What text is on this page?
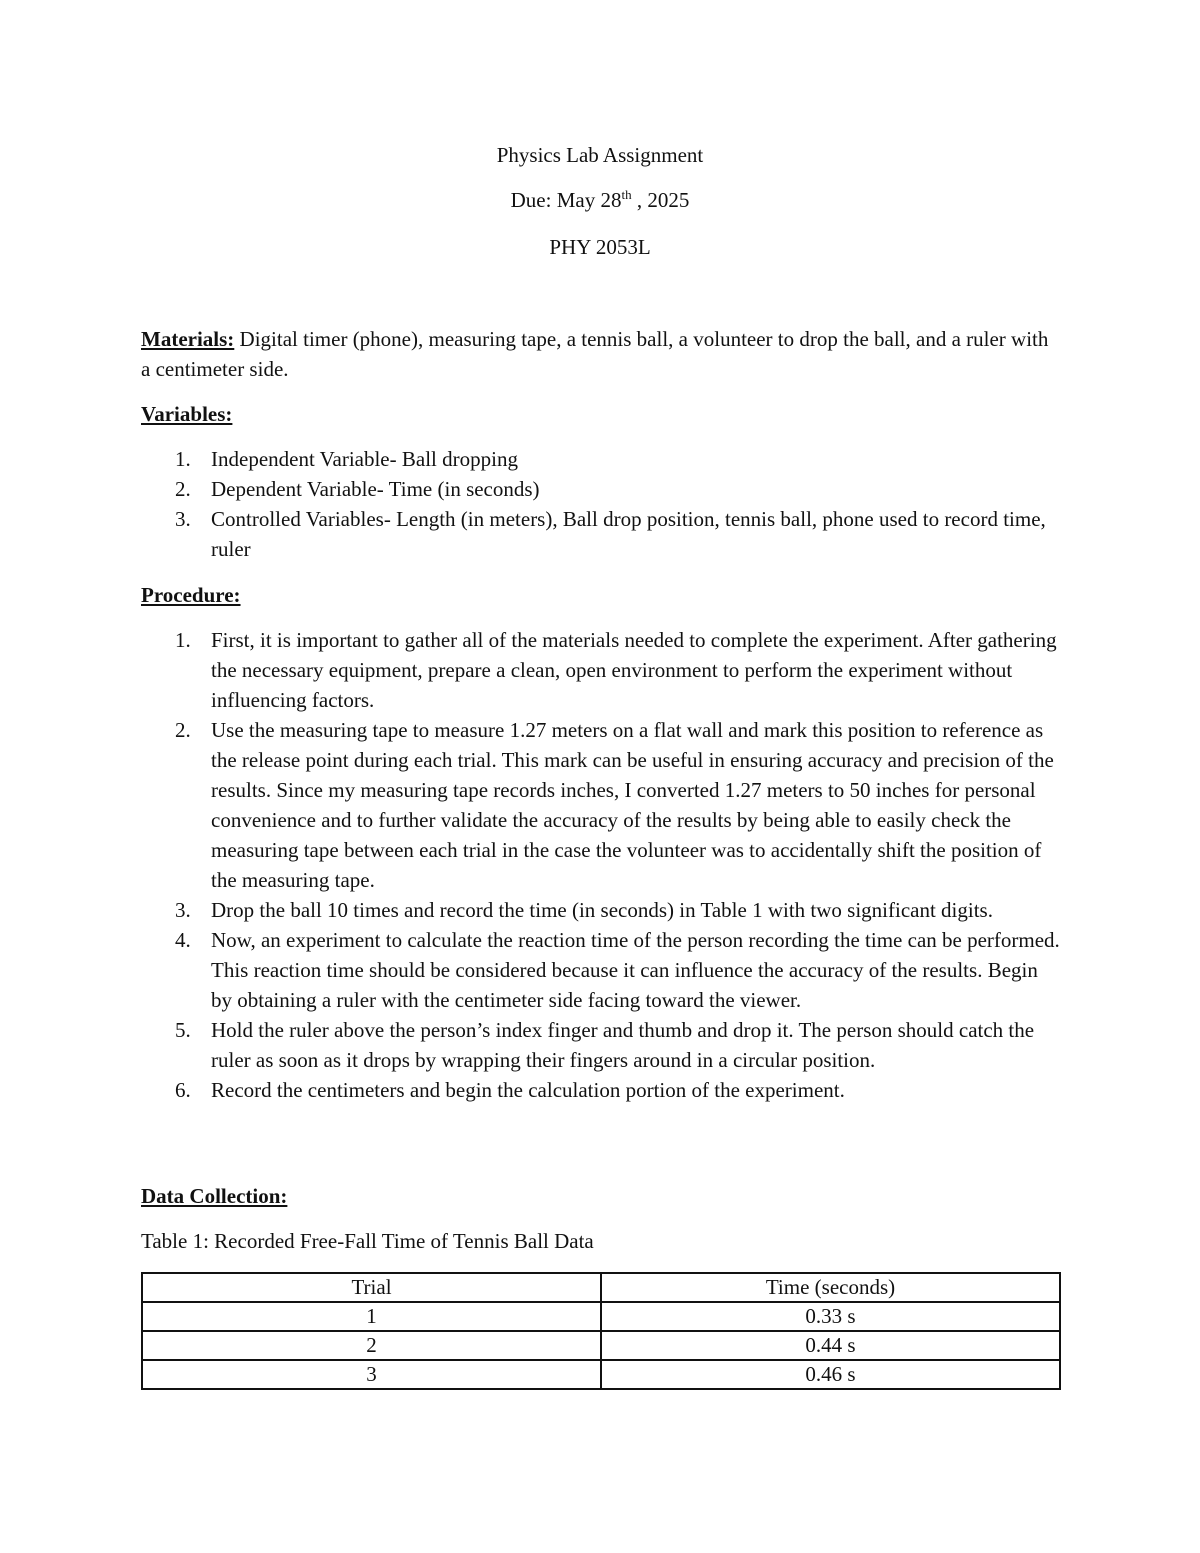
Physics Lab Assignment
Due: May 28th , 2025
PHY 2053L
Materials: Digital timer (phone), measuring tape, a tennis ball, a volunteer to drop the ball, and a ruler with a centimeter side.
Variables:
1. Independent Variable- Ball dropping
2. Dependent Variable- Time (in seconds)
3. Controlled Variables- Length (in meters), Ball drop position, tennis ball, phone used to record time, ruler
Procedure:
1. First, it is important to gather all of the materials needed to complete the experiment. After gathering the necessary equipment, prepare a clean, open environment to perform the experiment without influencing factors.
2. Use the measuring tape to measure 1.27 meters on a flat wall and mark this position to reference as the release point during each trial. This mark can be useful in ensuring accuracy and precision of the results. Since my measuring tape records inches, I converted 1.27 meters to 50 inches for personal convenience and to further validate the accuracy of the results by being able to easily check the measuring tape between each trial in the case the volunteer was to accidentally shift the position of the measuring tape.
3. Drop the ball 10 times and record the time (in seconds) in Table 1 with two significant digits.
4. Now, an experiment to calculate the reaction time of the person recording the time can be performed. This reaction time should be considered because it can influence the accuracy of the results. Begin by obtaining a ruler with the centimeter side facing toward the viewer.
5. Hold the ruler above the person’s index finger and thumb and drop it. The person should catch the ruler as soon as it drops by wrapping their fingers around in a circular position.
6. Record the centimeters and begin the calculation portion of the experiment.
Data Collection:
Table 1: Recorded Free-Fall Time of Tennis Ball Data
Trial	Time (seconds)
1	0.33 s
2	0.44 s
3	0.46 s
